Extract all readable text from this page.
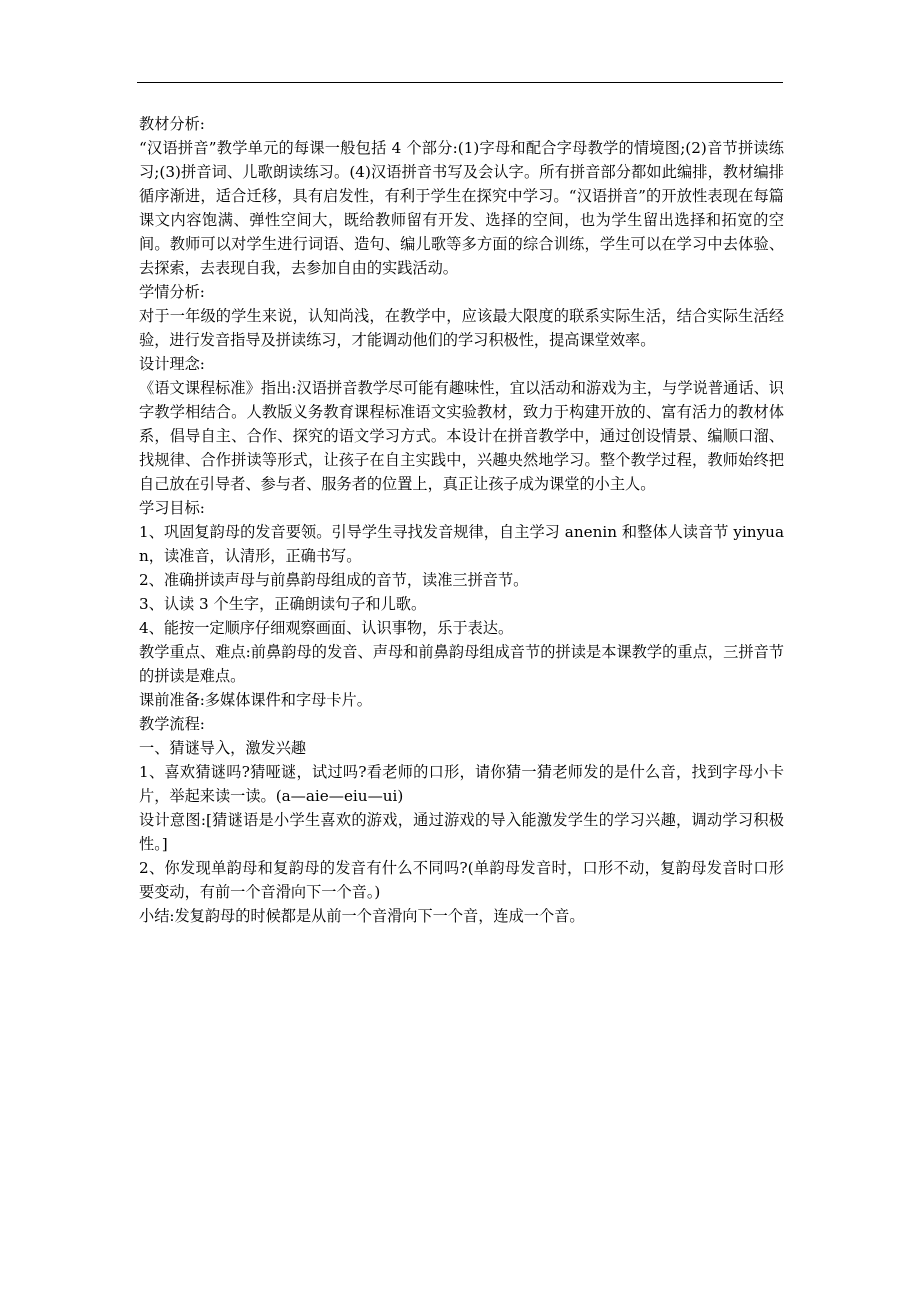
教材分析:

“汉语拼音”教学单元的每课一般包括 4 个部分:(1)字母和配合字母教学的情境图;(2)音节拼读练习;(3)拼音词、儿歌朗读练习。(4)汉语拼音书写及会认字。所有拼音部分都如此编排，教材编排循序渐进，适合迁移，具有启发性，有利于学生在探究中学习。“汉语拼音”的开放性表现在每篇课文内容饱满、弹性空间大，既给教师留有开发、选择的空间，也为学生留出选择和拓宽的空间。教师可以对学生进行词语、造句、编儿歌等多方面的综合训练，学生可以在学习中去体验、去探索，去表现自我，去参加自由的实践活动。

学情分析:

对于一年级的学生来说，认知尚浅，在教学中，应该最大限度的联系实际生活，结合实际生活经验，进行发音指导及拼读练习，才能调动他们的学习积极性，提高课堂效率。

设计理念:

《语文课程标准》指出:汉语拼音教学尽可能有趣味性，宜以活动和游戏为主，与学说普通话、识字教学相结合。人教版义务教育课程标准语文实验教材，致力于构建开放的、富有活力的教材体系，倡导自主、合作、探究的语文学习方式。本设计在拼音教学中，通过创设情景、编顺口溜、找规律、合作拼读等形式，让孩子在自主实践中，兴趣央然地学习。整个教学过程，教师始终把自己放在引导者、参与者、服务者的位置上，真正让孩子成为课堂的小主人。

学习目标:

1、巩固复韵母的发音要领。引导学生寻找发音规律，自主学习 anenin 和整体人读音节 yinyuan，读准音，认清形，正确书写。

2、准确拼读声母与前鼻韵母组成的音节，读准三拼音节。

3、认读 3 个生字，正确朗读句子和儿歌。

4、能按一定顺序仔细观察画面、认识事物，乐于表达。

教学重点、难点:前鼻韵母的发音、声母和前鼻韵母组成音节的拼读是本课教学的重点，三拼音节的拼读是难点。

课前准备:多媒体课件和字母卡片。

教学流程:

一、猜谜导入，激发兴趣

1、喜欢猜谜吗?猜哑谜，试过吗?看老师的口形，请你猜一猜老师发的是什么音，找到字母小卡片，举起来读一读。(a—aie—eiu—ui)

设计意图:[猜谜语是小学生喜欢的游戏，通过游戏的导入能激发学生的学习兴趣，调动学习积极性。]

2、你发现单韵母和复韵母的发音有什么不同吗?(单韵母发音时，口形不动，复韵母发音时口形要变动，有前一个音滑向下一个音。)

小结:发复韵母的时候都是从前一个音滑向下一个音，连成一个音。
